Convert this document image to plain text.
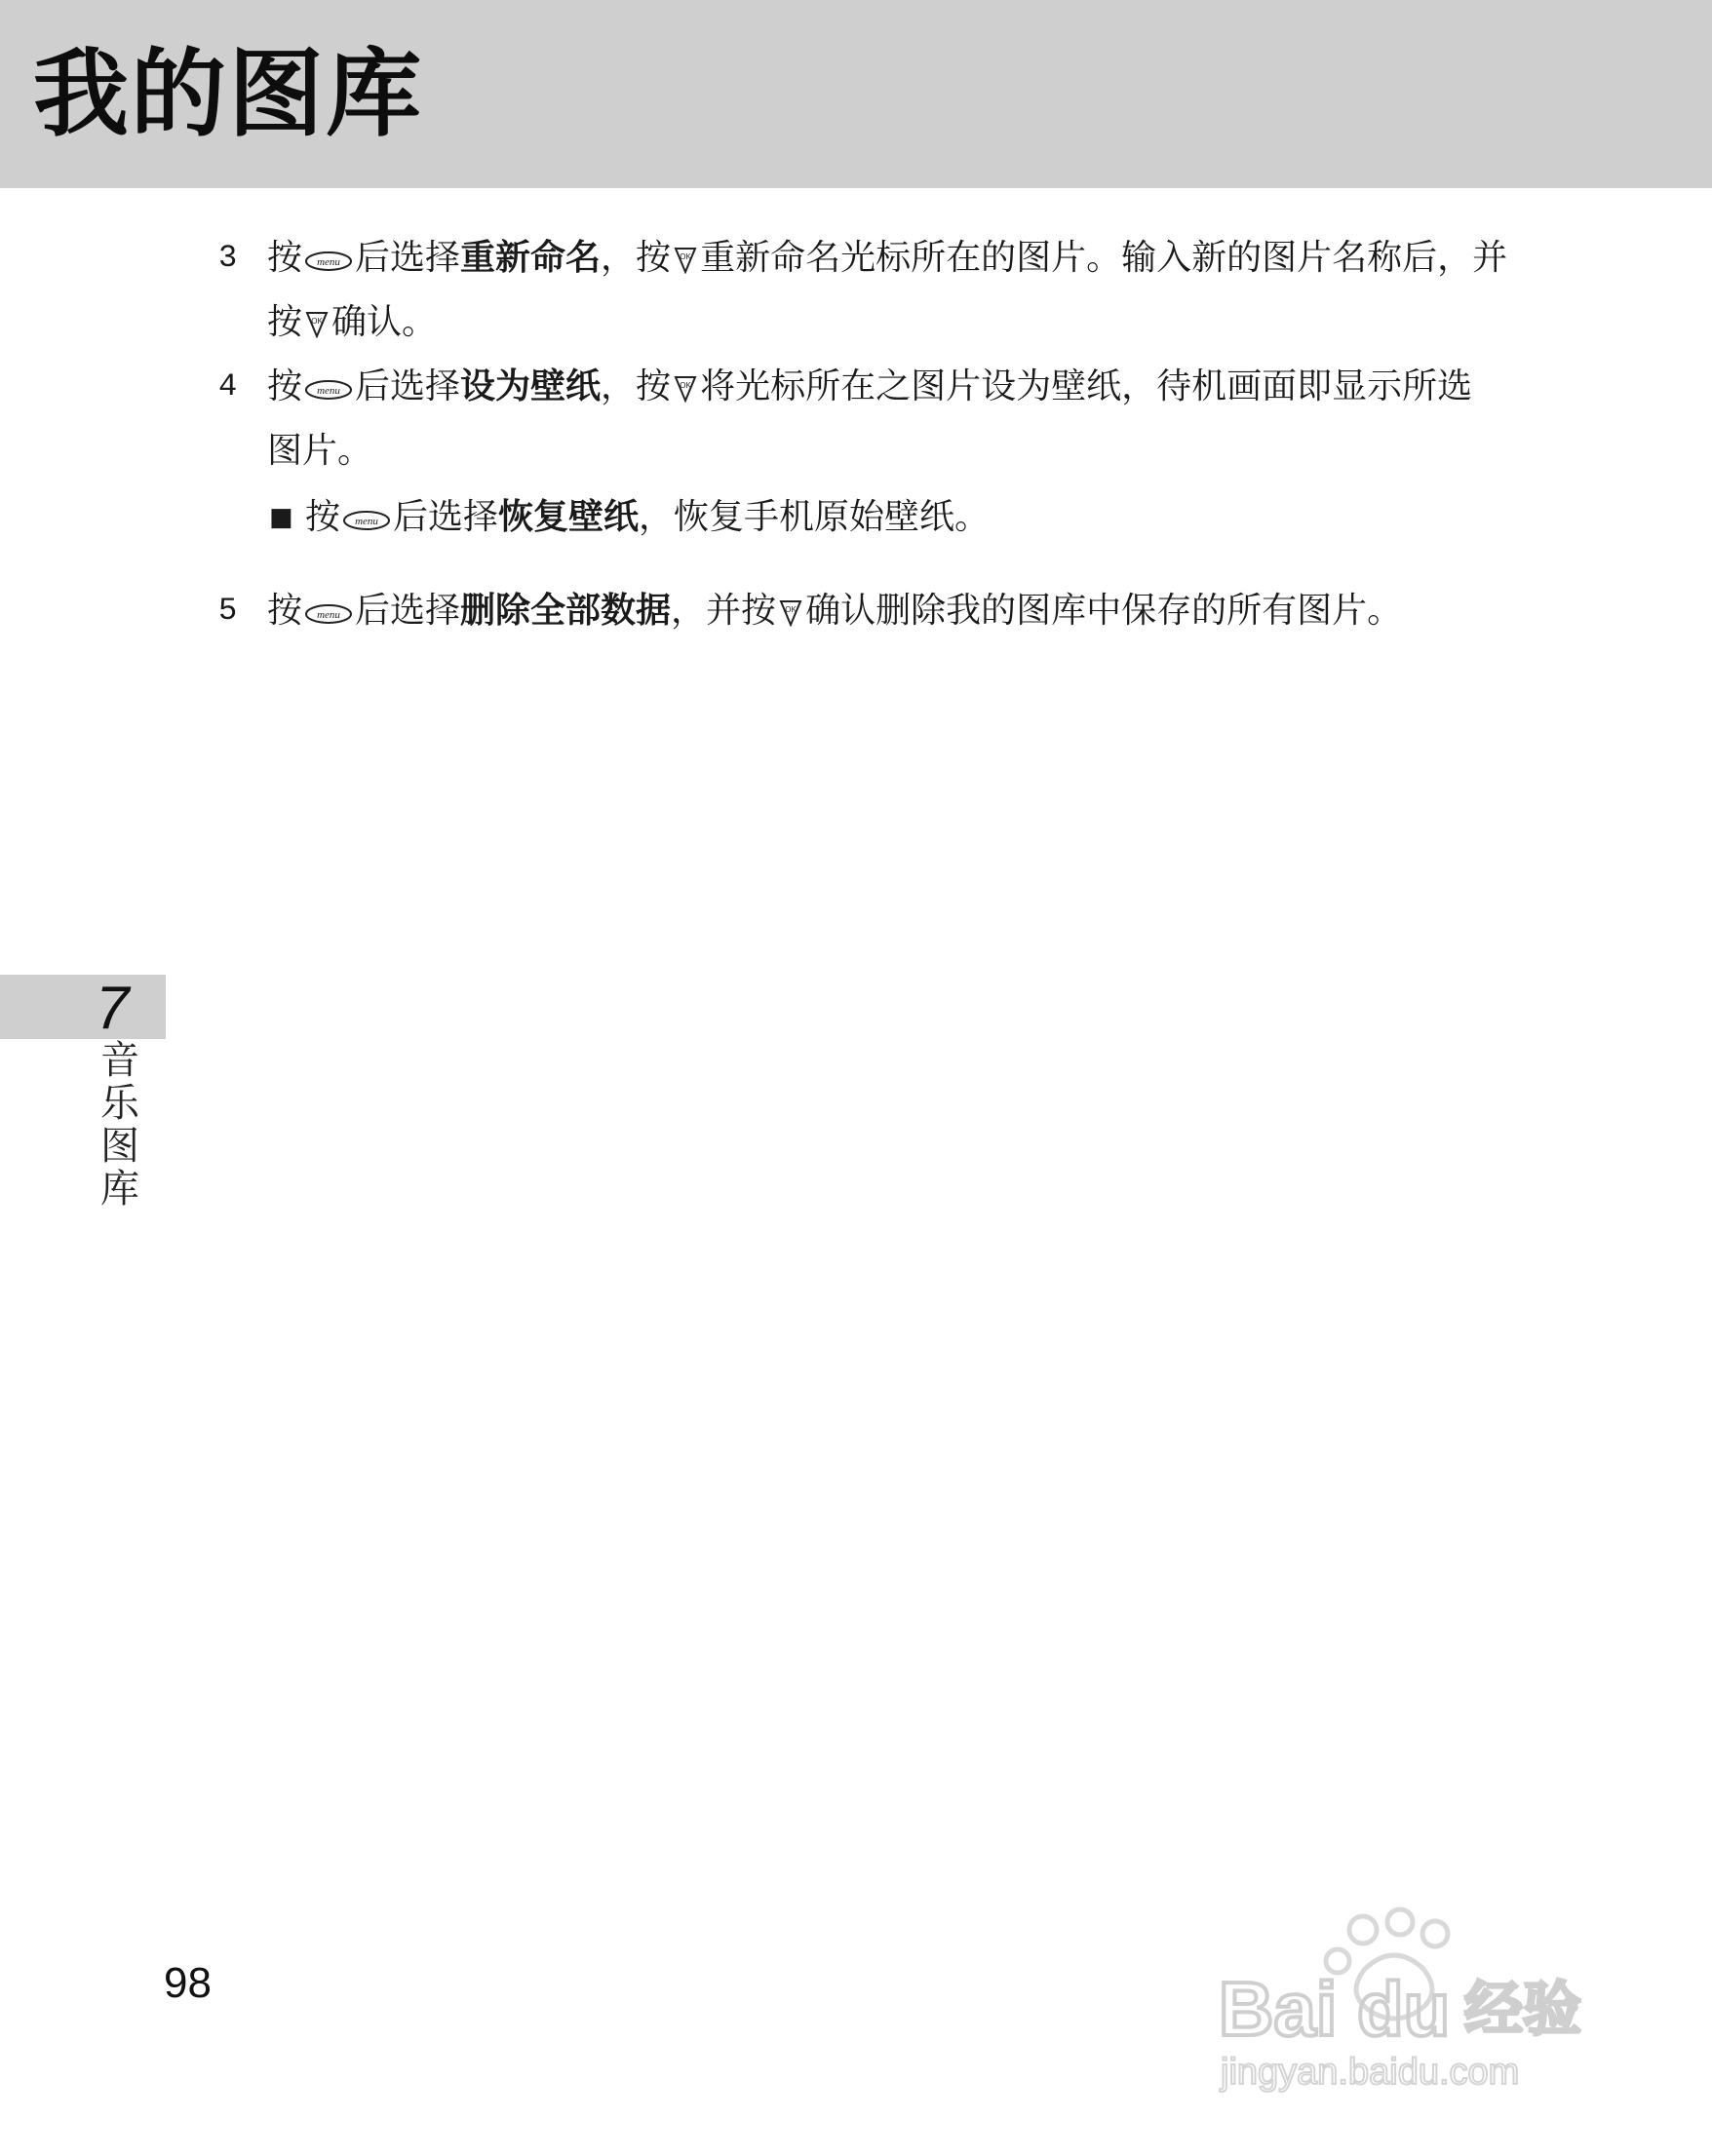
我的图库
3 按 menu 后选择重新命名，按 OK 重新命名光标所在的图片。输入新的图片名称后，并按 OK 确认。
4 按 menu 后选择设为壁纸，按 OK 将光标所在之图片设为壁纸，待机画面即显示所选 图片。
■ 按 menu 后选择恢复壁纸，恢复手机原始壁纸。
5 按 menu 后选择删除全部数据，并按 OK 确认删除我的图库中保存的所有图片。
7
音乐图库
98	Bai du 经验
jingyan.baidu.com
